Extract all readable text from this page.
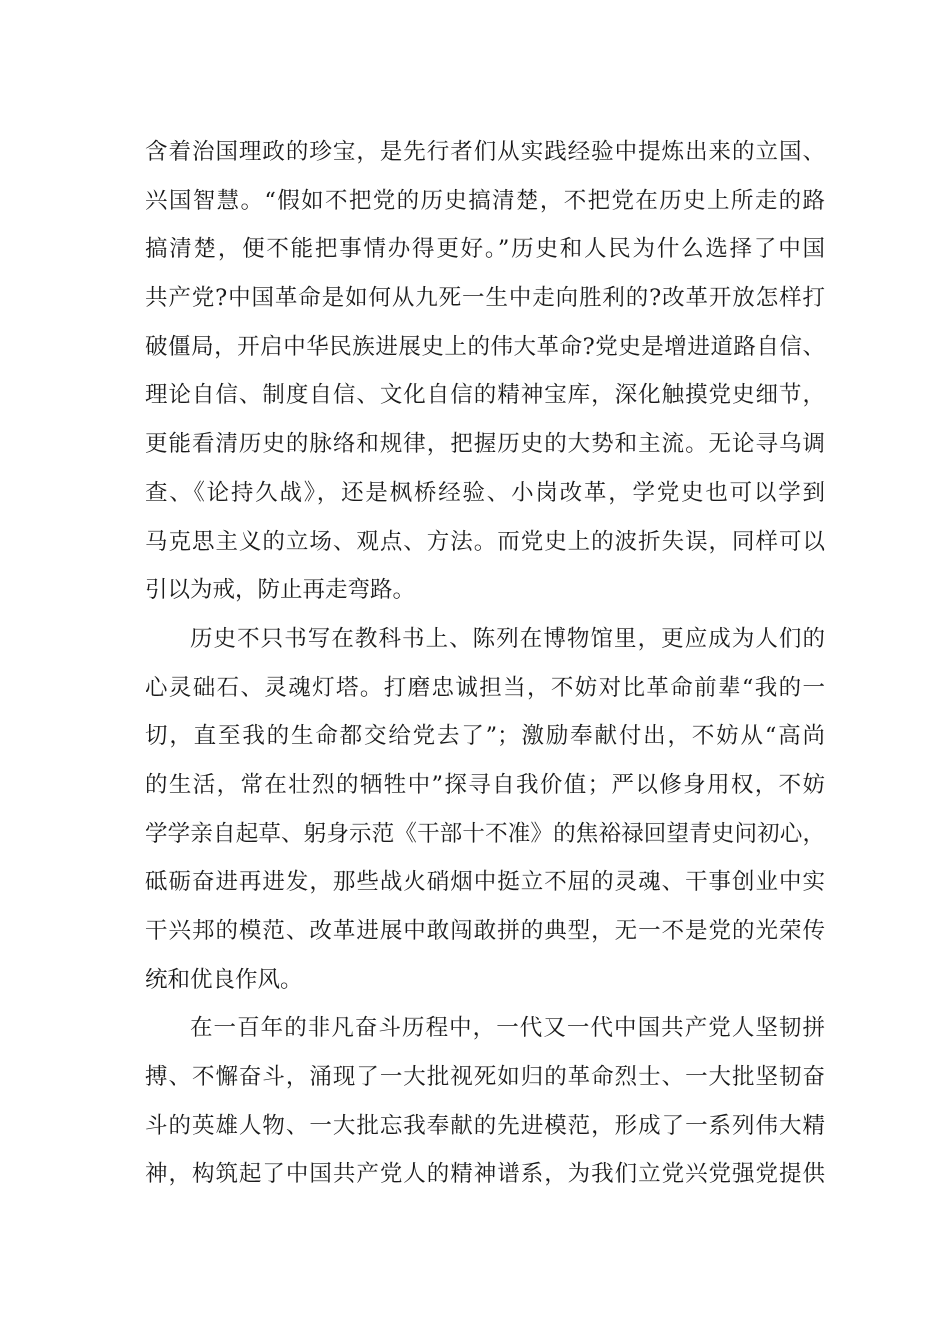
含着治国理政的珍宝，是先行者们从实践经验中提炼出来的立国、
兴国智慧。“假如不把党的历史搞清楚，不把党在历史上所走的路
搞清楚，便不能把事情办得更好。”历史和人民为什么选择了中国
共产党?中国革命是如何从九死一生中走向胜利的?改革开放怎样打
破僵局，开启中华民族进展史上的伟大革命?党史是增进道路自信、
理论自信、制度自信、文化自信的精神宝库，深化触摸党史细节，
更能看清历史的脉络和规律，把握历史的大势和主流。无论寻乌调
查、《论持久战》，还是枫桥经验、小岗改革，学党史也可以学到
马克思主义的立场、观点、方法。而党史上的波折失误，同样可以
引以为戒，防止再走弯路。
历史不只书写在教科书上、陈列在博物馆里，更应成为人们的
心灵础石、灵魂灯塔。打磨忠诚担当，不妨对比革命前辈“我的一
切，直至我的生命都交给党去了”；激励奉献付出，不妨从“高尚
的生活，常在壮烈的牺牲中”探寻自我价值；严以修身用权，不妨
学学亲自起草、躬身示范《干部十不准》的焦裕禄回望青史问初心，
砥砺奋进再进发，那些战火硝烟中挺立不屈的灵魂、干事创业中实
干兴邦的模范、改革进展中敢闯敢拼的典型，无一不是党的光荣传
统和优良作风。
在一百年的非凡奋斗历程中，一代又一代中国共产党人坚韧拼
搏、不懈奋斗，涌现了一大批视死如归的革命烈士、一大批坚韧奋
斗的英雄人物、一大批忘我奉献的先进模范，形成了一系列伟大精
神，构筑起了中国共产党人的精神谱系，为我们立党兴党强党提供
